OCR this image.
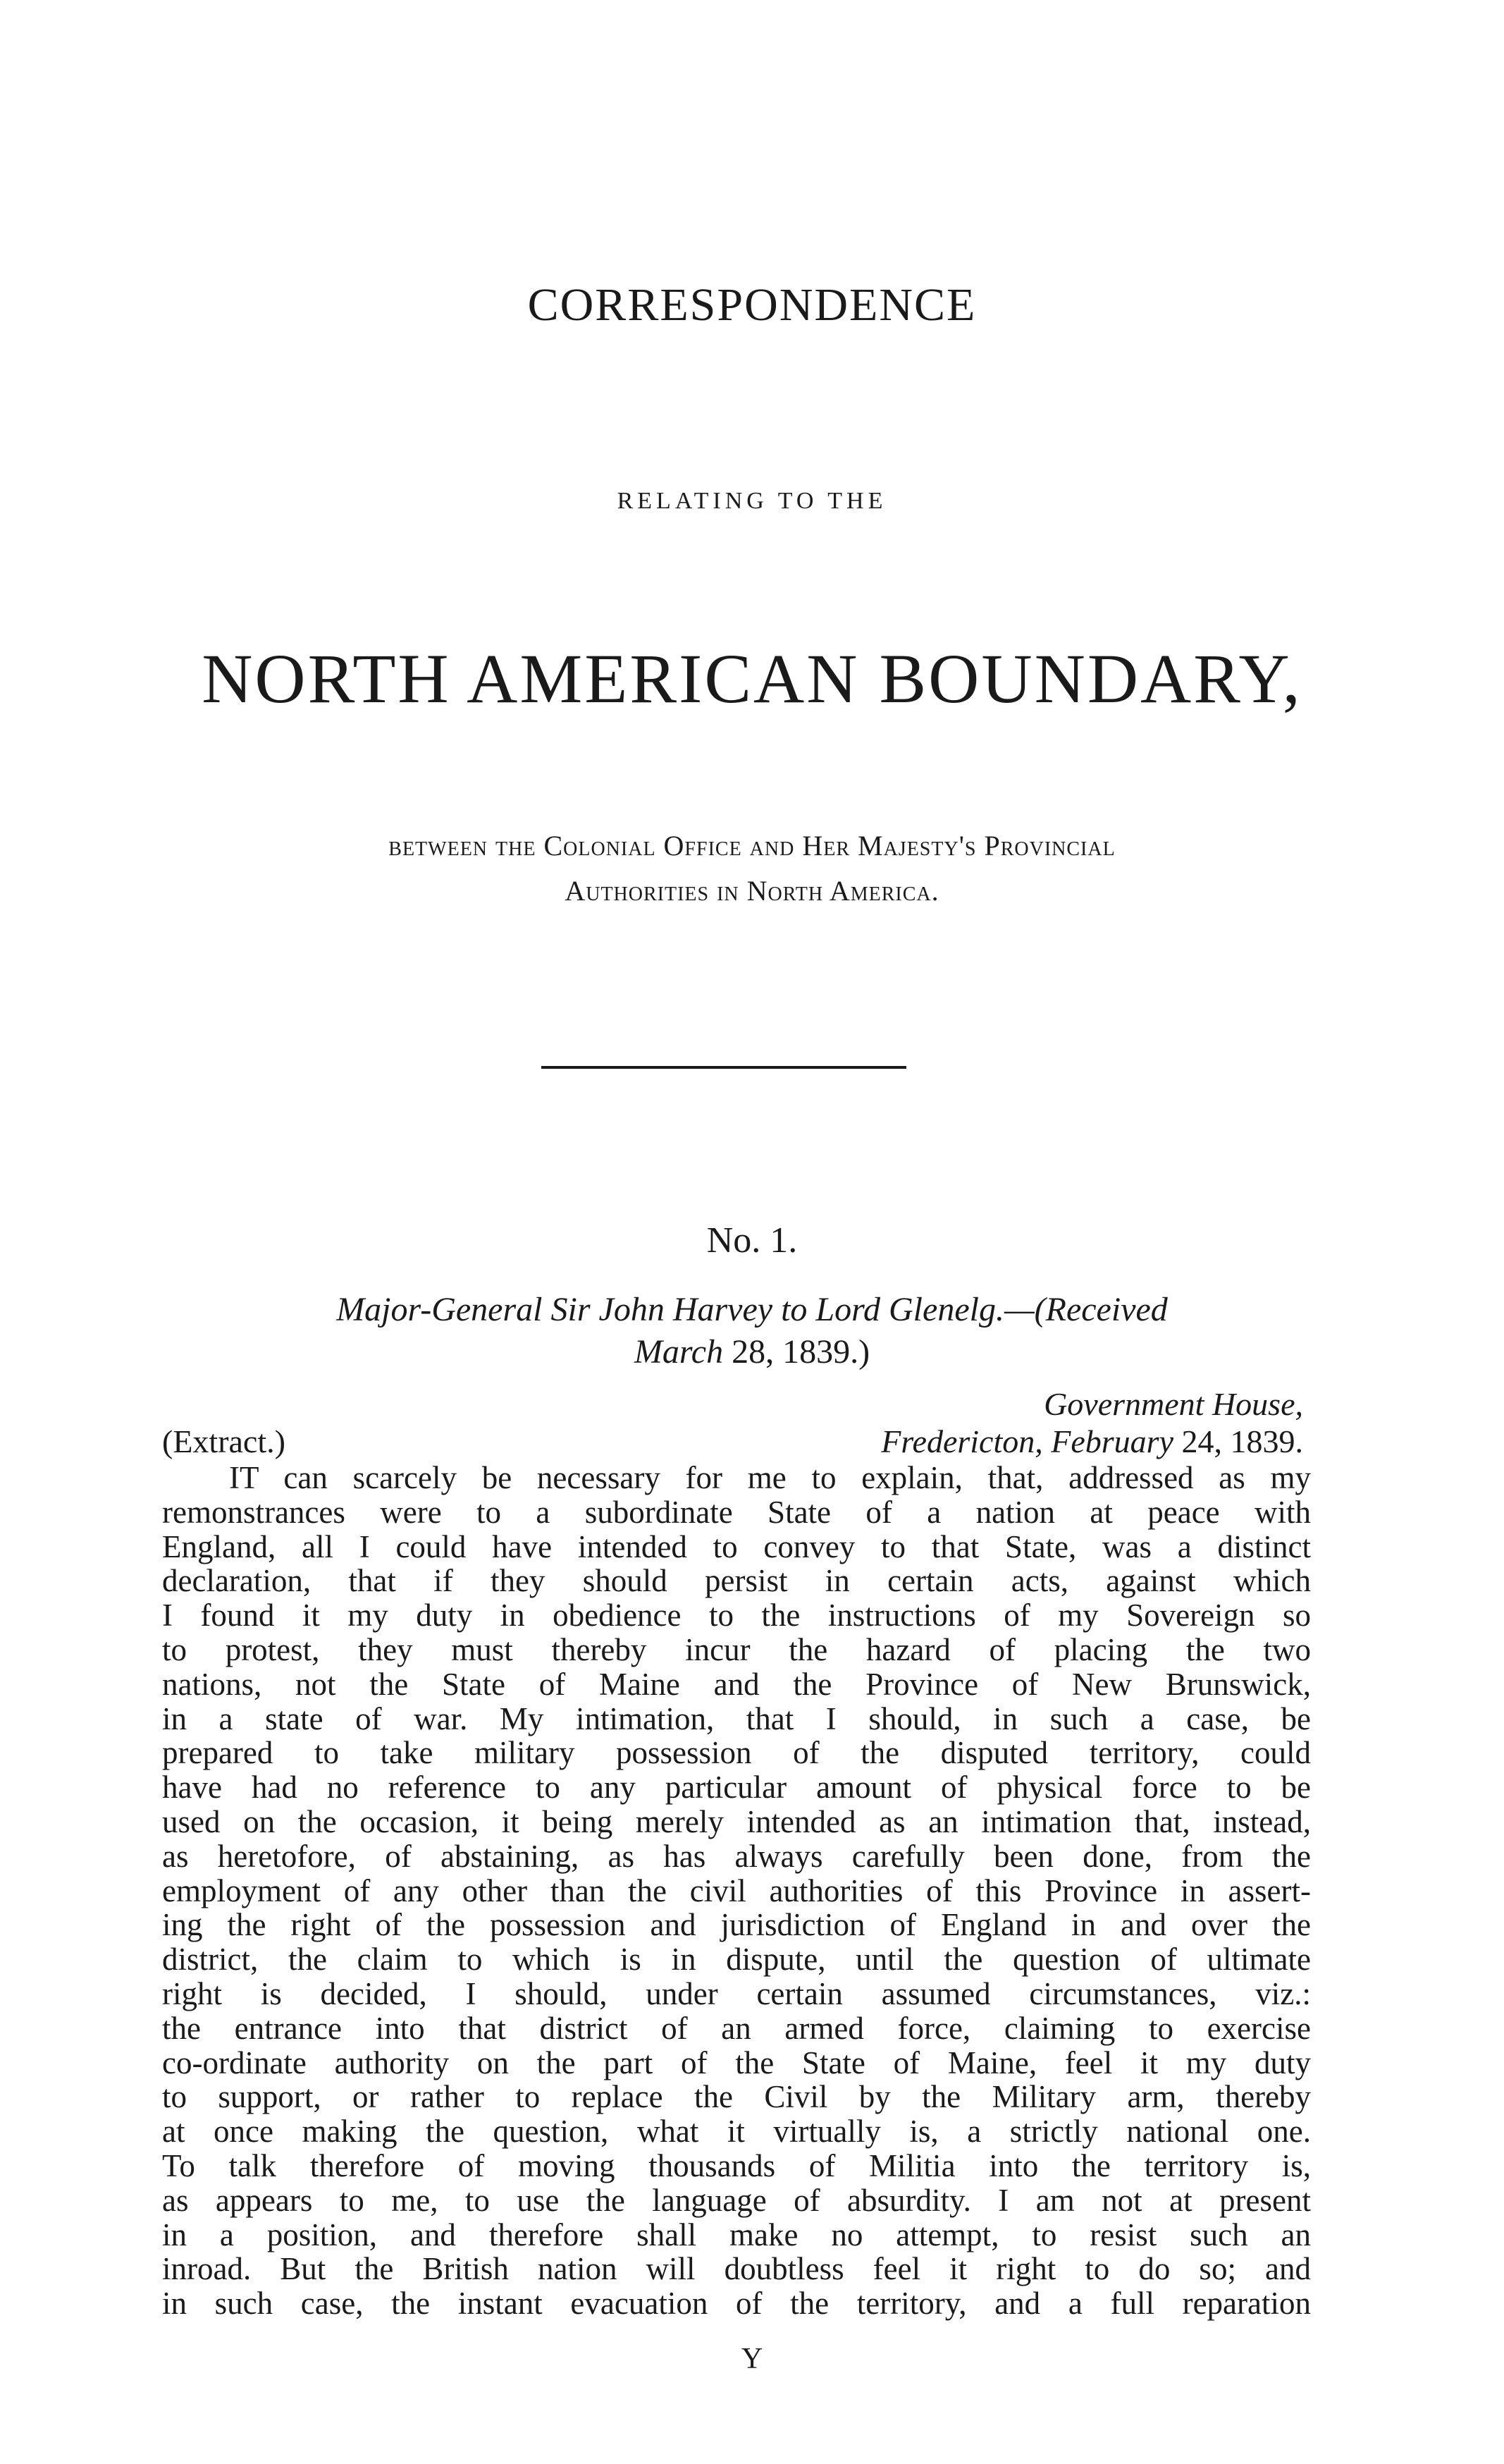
CORRESPONDENCE
RELATING TO THE
NORTH AMERICAN BOUNDARY,
between the Colonial Office and Her Majesty's Provincial
Authorities in North America.
No. 1.
Major-General Sir John Harvey to Lord Glenelg.—(Received
March 28, 1839.)
Government House,
Fredericton, February 24, 1839.
(Extract.)
IT can scarcely be necessary for me to explain, that, addressed as my
remonstrances were to a subordinate State of a nation at peace with
England, all I could have intended to convey to that State, was a distinct
declaration, that if they should persist in certain acts, against which
I found it my duty in obedience to the instructions of my Sovereign so
to protest, they must thereby incur the hazard of placing the two
nations, not the State of Maine and the Province of New Brunswick,
in a state of war. My intimation, that I should, in such a case, be
prepared to take military possession of the disputed territory, could
have had no reference to any particular amount of physical force to be
used on the occasion, it being merely intended as an intimation that, instead,
as heretofore, of abstaining, as has always carefully been done, from the
employment of any other than the civil authorities of this Province in assert-
ing the right of the possession and jurisdiction of England in and over the
district, the claim to which is in dispute, until the question of ultimate
right is decided, I should, under certain assumed circumstances, viz.:
the entrance into that district of an armed force, claiming to exercise
co-ordinate authority on the part of the State of Maine, feel it my duty
to support, or rather to replace the Civil by the Military arm, thereby
at once making the question, what it virtually is, a strictly national one.
To talk therefore of moving thousands of Militia into the territory is,
as appears to me, to use the language of absurdity. I am not at present
in a position, and therefore shall make no attempt, to resist such an
inroad. But the British nation will doubtless feel it right to do so; and
in such case, the instant evacuation of the territory, and a full reparation
Y
